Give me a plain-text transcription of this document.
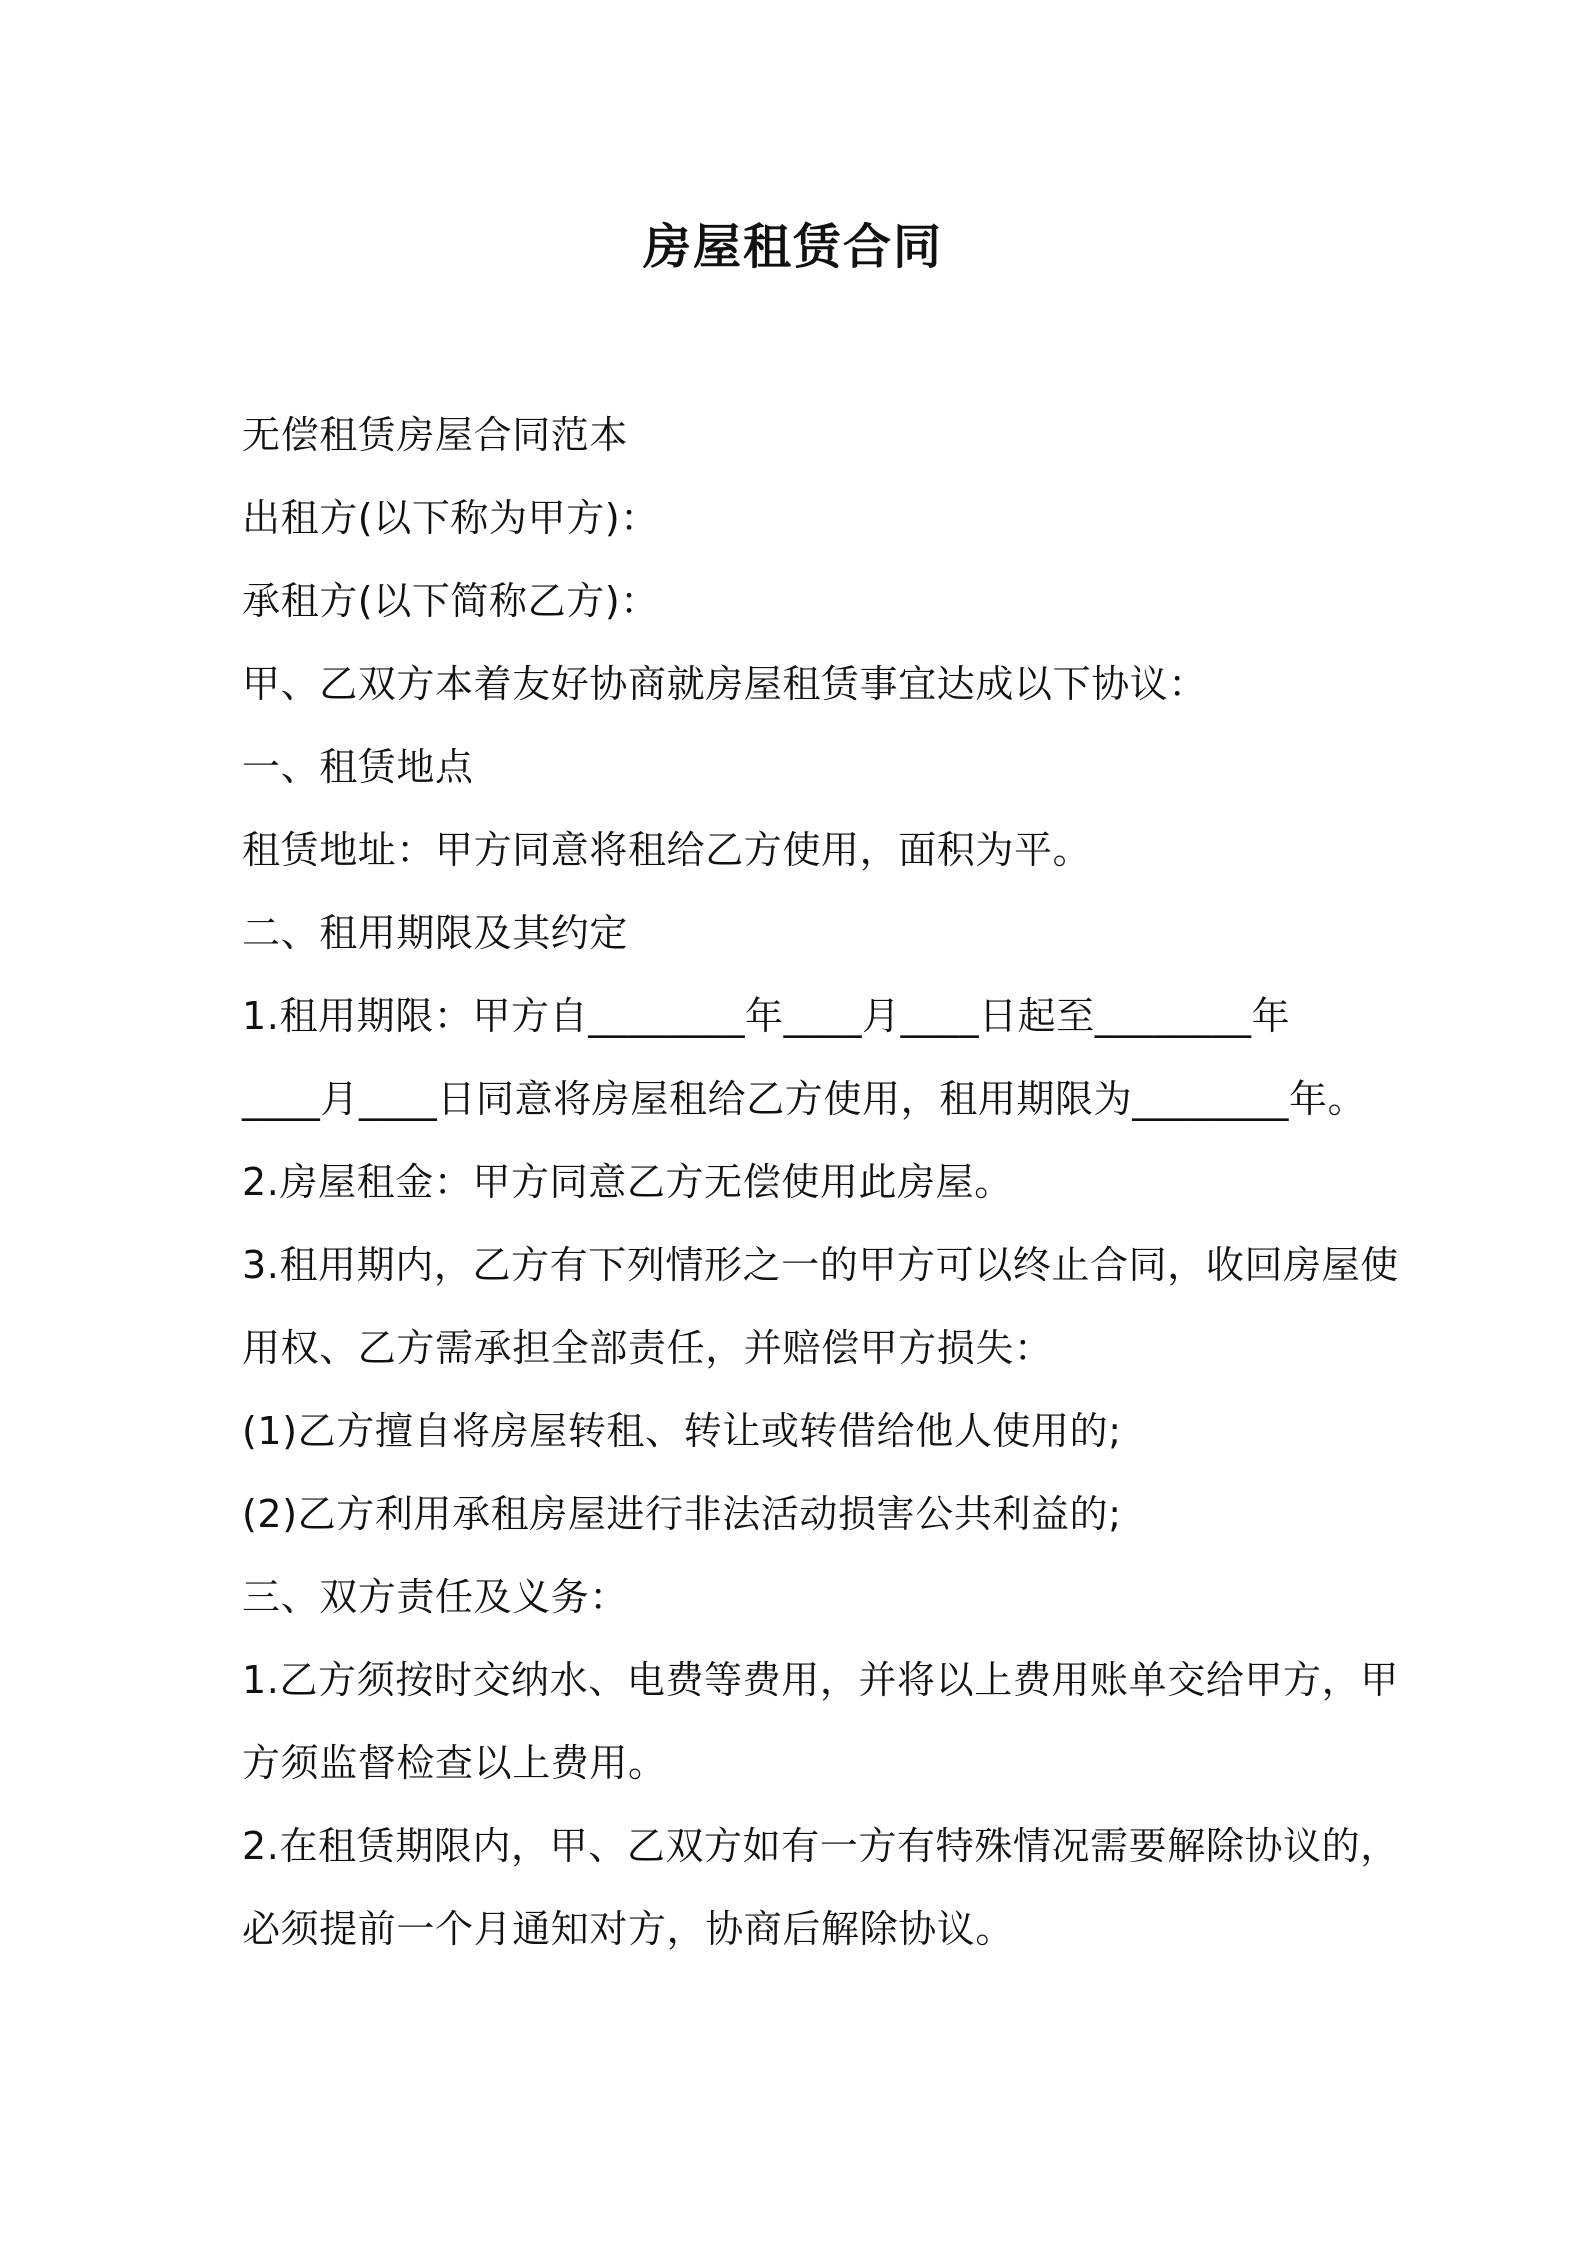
房屋租赁合同
无偿租赁房屋合同范本
出租方(以下称为甲方)：
承租方(以下简称乙方)：
甲、乙双方本着友好协商就房屋租赁事宜达成以下协议：
一、租赁地点
租赁地址：甲方同意将租给乙方使用，面积为平。
二、租用期限及其约定
1.租用期限：甲方自________年____月____日起至________年
____月____日同意将房屋租给乙方使用，租用期限为________年。
2.房屋租金：甲方同意乙方无偿使用此房屋。
3.租用期内，乙方有下列情形之一的甲方可以终止合同，收回房屋使
用权、乙方需承担全部责任，并赔偿甲方损失：
(1)乙方擅自将房屋转租、转让或转借给他人使用的;
(2)乙方利用承租房屋进行非法活动损害公共利益的;
三、双方责任及义务：
1.乙方须按时交纳水、电费等费用，并将以上费用账单交给甲方，甲
方须监督检查以上费用。
2.在租赁期限内，甲、乙双方如有一方有特殊情况需要解除协议的，
必须提前一个月通知对方，协商后解除协议。
